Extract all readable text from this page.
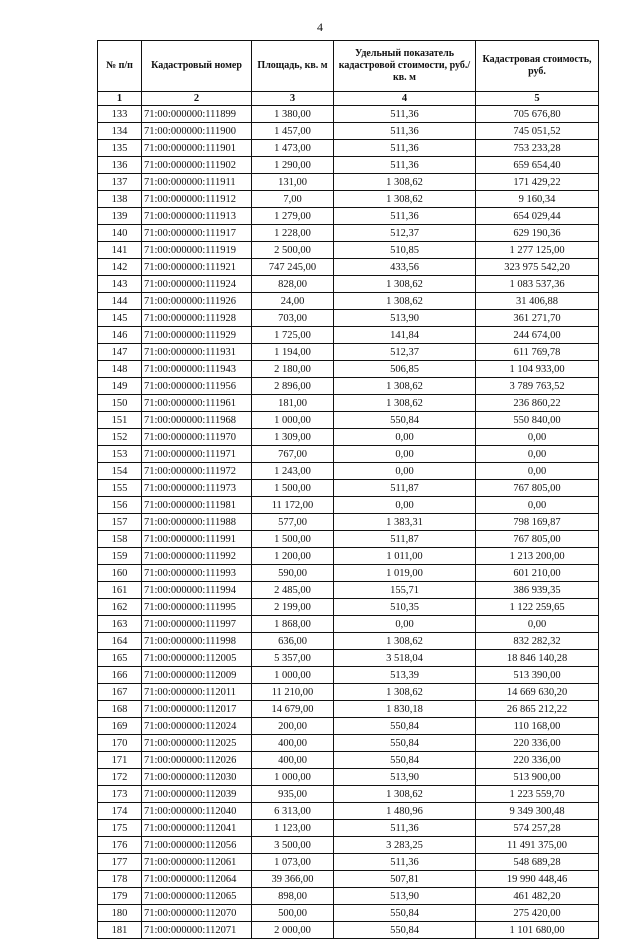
4
№ п/п	Кадастровый номер	Площадь, кв. м	Удельный показатель кадастровой стоимости, руб./кв. м	Кадастровая стоимость, руб.
1	2	3	4	5
133	71:00:000000:111899	1 380,00	511,36	705 676,80
134	71:00:000000:111900	1 457,00	511,36	745 051,52
135	71:00:000000:111901	1 473,00	511,36	753 233,28
136	71:00:000000:111902	1 290,00	511,36	659 654,40
137	71:00:000000:111911	131,00	1 308,62	171 429,22
138	71:00:000000:111912	7,00	1 308,62	9 160,34
139	71:00:000000:111913	1 279,00	511,36	654 029,44
140	71:00:000000:111917	1 228,00	512,37	629 190,36
141	71:00:000000:111919	2 500,00	510,85	1 277 125,00
142	71:00:000000:111921	747 245,00	433,56	323 975 542,20
143	71:00:000000:111924	828,00	1 308,62	1 083 537,36
144	71:00:000000:111926	24,00	1 308,62	31 406,88
145	71:00:000000:111928	703,00	513,90	361 271,70
146	71:00:000000:111929	1 725,00	141,84	244 674,00
147	71:00:000000:111931	1 194,00	512,37	611 769,78
148	71:00:000000:111943	2 180,00	506,85	1 104 933,00
149	71:00:000000:111956	2 896,00	1 308,62	3 789 763,52
150	71:00:000000:111961	181,00	1 308,62	236 860,22
151	71:00:000000:111968	1 000,00	550,84	550 840,00
152	71:00:000000:111970	1 309,00	0,00	0,00
153	71:00:000000:111971	767,00	0,00	0,00
154	71:00:000000:111972	1 243,00	0,00	0,00
155	71:00:000000:111973	1 500,00	511,87	767 805,00
156	71:00:000000:111981	11 172,00	0,00	0,00
157	71:00:000000:111988	577,00	1 383,31	798 169,87
158	71:00:000000:111991	1 500,00	511,87	767 805,00
159	71:00:000000:111992	1 200,00	1 011,00	1 213 200,00
160	71:00:000000:111993	590,00	1 019,00	601 210,00
161	71:00:000000:111994	2 485,00	155,71	386 939,35
162	71:00:000000:111995	2 199,00	510,35	1 122 259,65
163	71:00:000000:111997	1 868,00	0,00	0,00
164	71:00:000000:111998	636,00	1 308,62	832 282,32
165	71:00:000000:112005	5 357,00	3 518,04	18 846 140,28
166	71:00:000000:112009	1 000,00	513,39	513 390,00
167	71:00:000000:112011	11 210,00	1 308,62	14 669 630,20
168	71:00:000000:112017	14 679,00	1 830,18	26 865 212,22
169	71:00:000000:112024	200,00	550,84	110 168,00
170	71:00:000000:112025	400,00	550,84	220 336,00
171	71:00:000000:112026	400,00	550,84	220 336,00
172	71:00:000000:112030	1 000,00	513,90	513 900,00
173	71:00:000000:112039	935,00	1 308,62	1 223 559,70
174	71:00:000000:112040	6 313,00	1 480,96	9 349 300,48
175	71:00:000000:112041	1 123,00	511,36	574 257,28
176	71:00:000000:112056	3 500,00	3 283,25	11 491 375,00
177	71:00:000000:112061	1 073,00	511,36	548 689,28
178	71:00:000000:112064	39 366,00	507,81	19 990 448,46
179	71:00:000000:112065	898,00	513,90	461 482,20
180	71:00:000000:112070	500,00	550,84	275 420,00
181	71:00:000000:112071	2 000,00	550,84	1 101 680,00
